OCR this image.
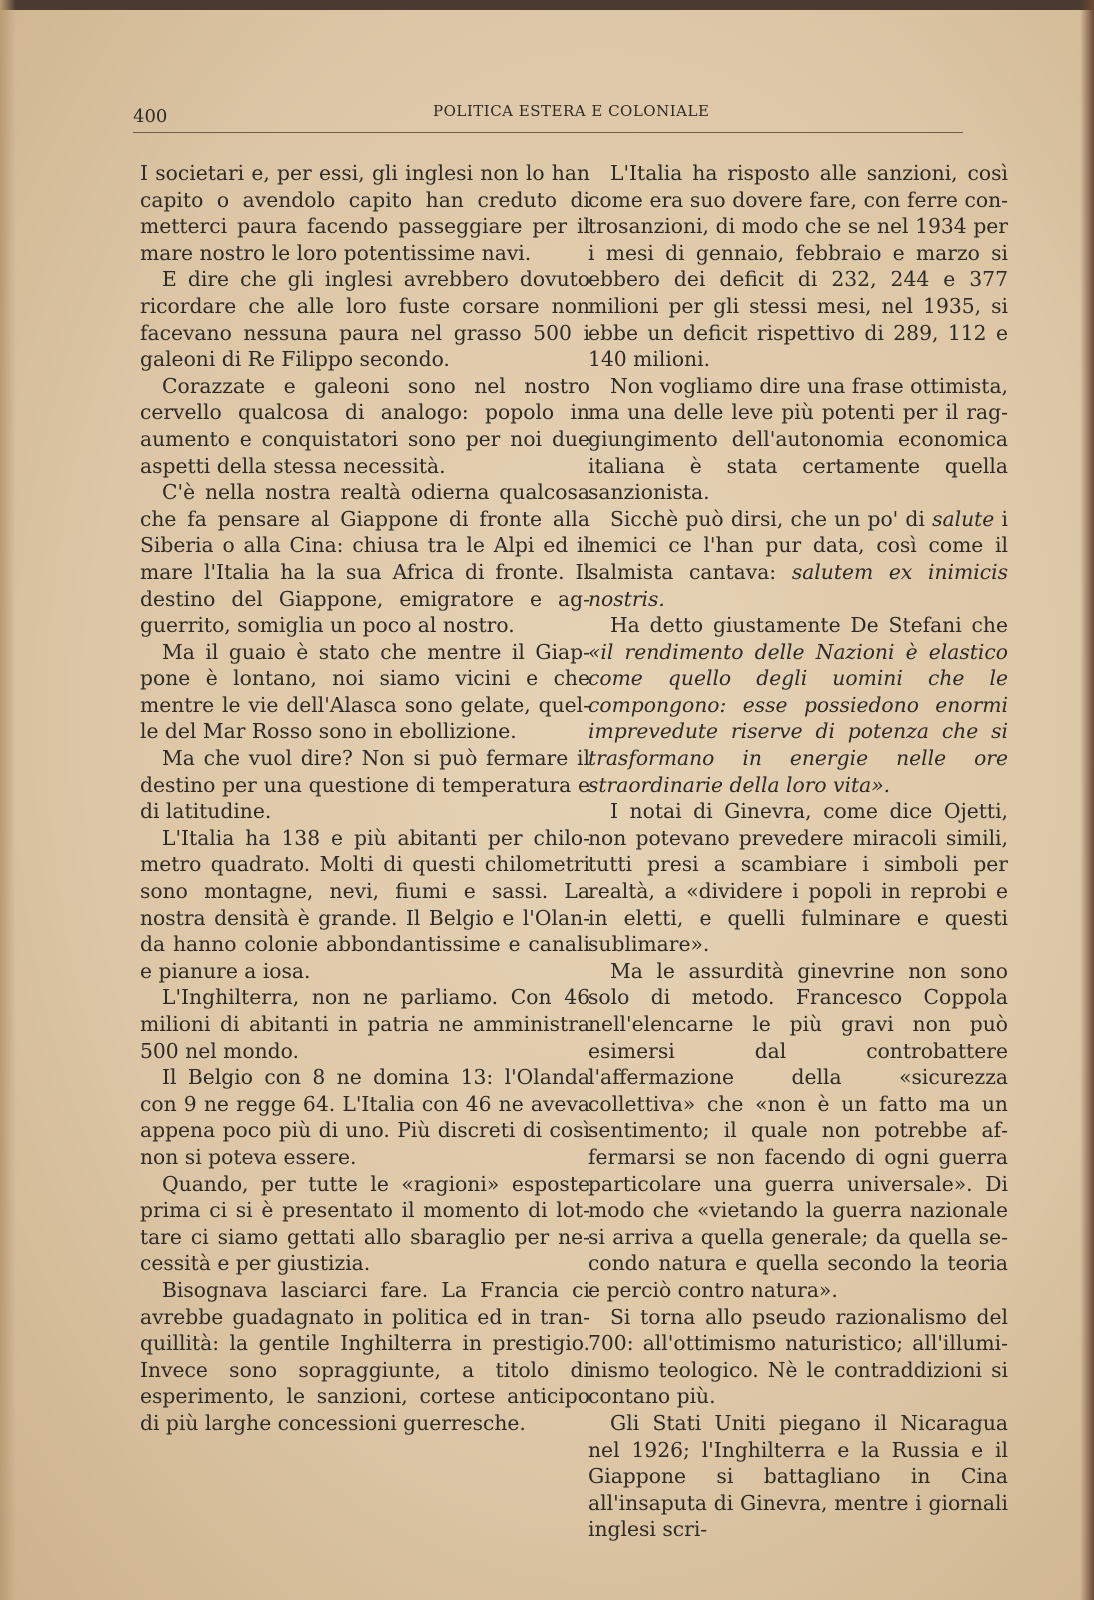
400	POLITICA ESTERA E COLONIALE

I societari e, per essi, gli inglesi non lo han capito o avendolo capito han creduto di metterci paura facendo passeggiare per il mare nostro le loro potentissime navi.

E dire che gli inglesi avrebbero dovuto ricordare che alle loro fuste corsare non facevano nessuna paura nel grasso 500 i galeoni di Re Filippo secondo.

Corazzate e galeoni sono nel nostro cervello qualcosa di analogo: popolo in aumento e conquistatori sono per noi due aspetti della stessa necessità.

C'è nella nostra realtà odierna qualcosa che fa pensare al Giappone di fronte alla Siberia o alla Cina: chiusa tra le Alpi ed il mare l'Italia ha la sua Africa di fronte. Il destino del Giappone, emigratore e agguerrito, somiglia un poco al nostro.

Ma il guaio è stato che mentre il Giappone è lontano, noi siamo vicini e che mentre le vie dell'Alasca sono gelate, quelle del Mar Rosso sono in ebollizione.

Ma che vuol dire? Non si può fermare il destino per una questione di temperatura e di latitudine.

L'Italia ha 138 e più abitanti per chilometro quadrato. Molti di questi chilometri sono montagne, nevi, fiumi e sassi. La nostra densità è grande. Il Belgio e l'Olanda hanno colonie abbondantissime e canali e pianure a iosa.

L'Inghilterra, non ne parliamo. Con 46 milioni di abitanti in patria ne amministra 500 nel mondo.

Il Belgio con 8 ne domina 13: l'Olanda con 9 ne regge 64. L'Italia con 46 ne aveva appena poco più di uno. Più discreti di così non si poteva essere.

Quando, per tutte le «ragioni» esposte prima ci si è presentato il momento di lottare ci siamo gettati allo sbaraglio per necessità e per giustizia.

Bisognava lasciarci fare. La Francia ci avrebbe guadagnato in politica ed in tranquillità: la gentile Inghilterra in prestigio. Invece sono sopraggiunte, a titolo di esperimento, le sanzioni, cortese anticipo di più larghe concessioni guerresche.

L'Italia ha risposto alle sanzioni, così come era suo dovere fare, con ferre controsanzioni, di modo che se nel 1934 per i mesi di gennaio, febbraio e marzo si ebbero dei deficit di 232, 244 e 377 milioni per gli stessi mesi, nel 1935, si ebbe un deficit rispettivo di 289, 112 e 140 milioni.

Non vogliamo dire una frase ottimista, ma una delle leve più potenti per il raggiungimento dell'autonomia economica italiana è stata certamente quella sanzionista.

Sicchè può dirsi, che un po' di salute i nemici ce l'han pur data, così come il salmista cantava: salutem ex inimicis nostris.

Ha detto giustamente De Stefani che «il rendimento delle Nazioni è elastico come quello degli uomini che le compongono: esse possiedono enormi imprevedute riserve di potenza che si trasformano in energie nelle ore straordinarie della loro vita».

I notai di Ginevra, come dice Ojetti, non potevano prevedere miracoli simili, tutti presi a scambiare i simboli per realtà, a «dividere i popoli in reprobi e in eletti, e quelli fulminare e questi sublimare».

Ma le assurdità ginevrine non sono solo di metodo. Francesco Coppola nell'elencarne le più gravi non può esimersi dal controbattere l'affermazione della «sicurezza collettiva» che «non è un fatto ma un sentimento; il quale non potrebbe affermarsi se non facendo di ogni guerra particolare una guerra universale». Di modo che «vietando la guerra nazionale si arriva a quella generale; da quella secondo natura e quella secondo la teoria e perciò contro natura».

Si torna allo pseudo razionalismo del 700: all'ottimismo naturistico; all'illuminismo teologico. Nè le contraddizioni si contano più.

Gli Stati Uniti piegano il Nicaragua nel 1926; l'Inghilterra e la Russia e il Giappone si battagliano in Cina all'insaputa di Ginevra, mentre i giornali inglesi scri-
